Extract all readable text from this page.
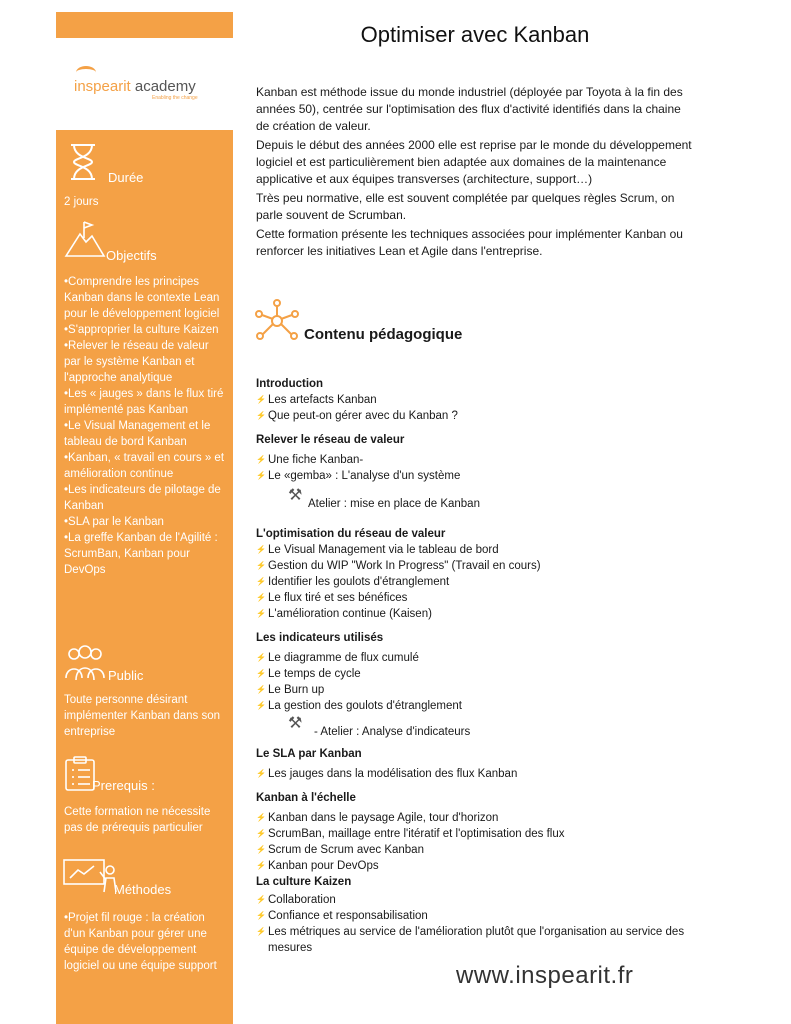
inspearit academy
Enabling the change
Durée
2 jours
Objectifs
•Comprendre les principes Kanban dans le contexte Lean pour le développement logiciel
•S'approprier la culture Kaizen
•Relever le réseau de valeur par le système Kanban et l'approche analytique
•Les « jauges » dans le flux tiré implémenté pas Kanban
•Le Visual Management et le tableau de bord Kanban
•Kanban, « travail en cours » et amélioration continue
•Les indicateurs de pilotage de Kanban
•SLA par le Kanban
•La greffe Kanban de l'Agilité : ScrumBan, Kanban pour DevOps
Public
Toute personne désirant implémenter Kanban dans son entreprise
Prerequis :
Cette formation ne nécessite pas de prérequis particulier
Méthodes
•Projet fil rouge : la création d'un Kanban pour gérer une équipe de développement logiciel ou une équipe support
Optimiser avec Kanban

Kanban est méthode issue du monde industriel (déployée par Toyota à la fin des années 50), centrée sur l'optimisation des flux d'activité identifiés dans la chaine de création de valeur.

Depuis le début des années 2000 elle est reprise par le monde du développement logiciel et est particulièrement bien adaptée aux domaines de la maintenance applicative et aux équipes transverses (architecture, support…)

Très peu normative, elle est souvent complétée par quelques règles Scrum, on parle souvent de Scrumban.

Cette formation présente les techniques associées pour implémenter Kanban ou renforcer les initiatives Lean et Agile dans l'entreprise.

Contenu pédagogique
Introduction
⚡ Les artefacts Kanban
⚡ Que peut-on gérer avec du Kanban ?
Relever le réseau de valeur
⚡ Une fiche Kanban-
⚡ Le «gemba» : L'analyse d'un système
⚒ Atelier : mise en place de Kanban
L'optimisation du réseau de valeur
⚡ Le Visual Management via le tableau de bord
⚡ Gestion du WIP "Work In Progress" (Travail en cours)
⚡ Identifier les goulots d'étranglement
⚡ Le flux tiré et ses bénéfices
⚡ L'amélioration continue (Kaisen)
Les indicateurs utilisés
⚡ Le diagramme de flux cumulé
⚡ Le temps de cycle
⚡ Le Burn up
⚡ La gestion des goulots d'étranglement
⚒ - Atelier : Analyse d'indicateurs
Le SLA par Kanban
⚡ Les jauges dans la modélisation des flux Kanban
Kanban à l'échelle
⚡ Kanban dans le paysage Agile, tour d'horizon
⚡ ScrumBan, maillage entre l'itératif et l'optimisation des flux
⚡ Scrum de Scrum avec Kanban
⚡ Kanban pour DevOps
La culture Kaizen
⚡ Collaboration
⚡ Confiance et responsabilisation
⚡ Les métriques au service de l'amélioration plutôt que l'organisation au service des mesures
www.inspearit.fr
